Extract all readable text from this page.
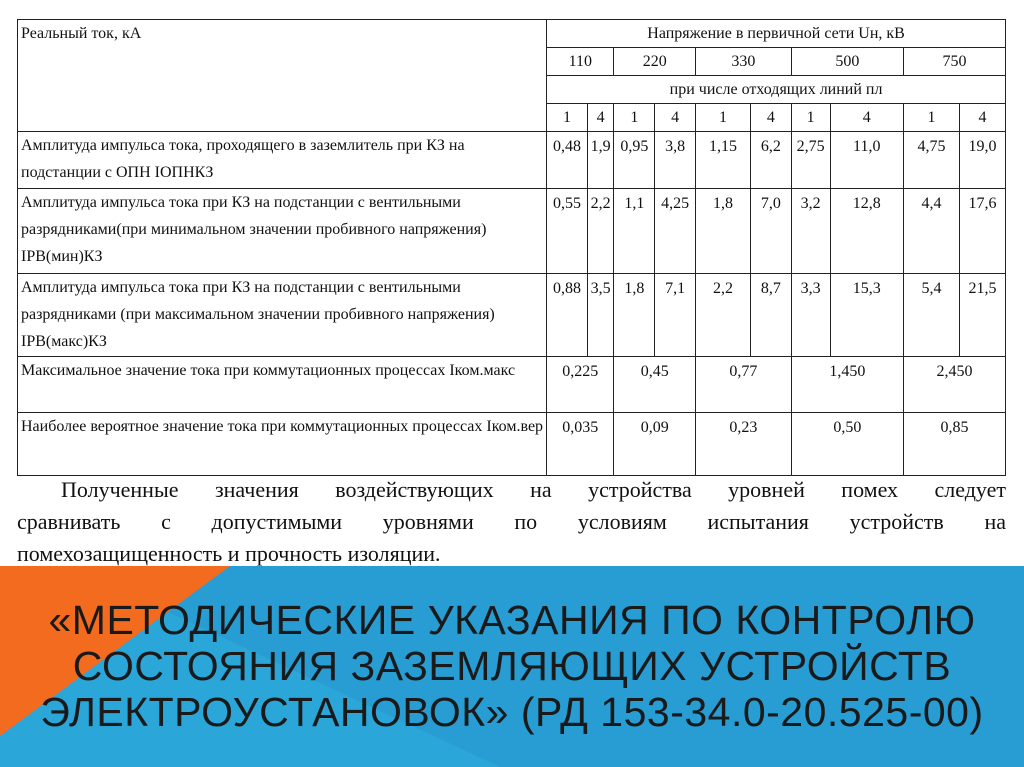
Реальный ток, кА	Напряжение в первичной сети Uн, кВ									
	110		220		330		500		750	
	при числе отходящих линий пл									
	1	4	1	4	1	4	1	4	1	4
Амплитуда импульса тока, проходящего в заземлитель при КЗ на подстанции с ОПН IОПНКЗ	0,48	1,9	0,95	3,8	1,15	6,2	2,75	11,0	4,75	19,0
Амплитуда импульса тока при КЗ на подстанции с вентильными разрядниками(при минимальном значении пробивного напряжения) IРВ(мин)КЗ	0,55	2,2	1,1	4,25	1,8	7,0	3,2	12,8	4,4	17,6
Амплитуда импульса тока при КЗ на подстанции с вентильными разрядниками (при максимальном значении пробивного напряжения) IРВ(макс)КЗ	0,88	3,5	1,8	7,1	2,2	8,7	3,3	15,3	5,4	21,5
Максимальное значение тока при коммутационных процессах Iком.макс	0,225		0,45		0,77		1,450		2,450	
Наиболее вероятное значение тока при коммутационных процессах Iком.вер	0,035		0,09		0,23		0,50		0,85	
Полученные значения воздействующих на устройства уровней помех следует
сравнивать с допустимыми уровнями по условиям испытания устройств на
помехозащищенность и прочность изоляции.
«МЕТОДИЧЕСКИЕ УКАЗАНИЯ ПО КОНТРОЛЮ
СОСТОЯНИЯ ЗАЗЕМЛЯЮЩИХ УСТРОЙСТВ
ЭЛЕКТРОУСТАНОВОК» (РД 153-34.0-20.525-00)
